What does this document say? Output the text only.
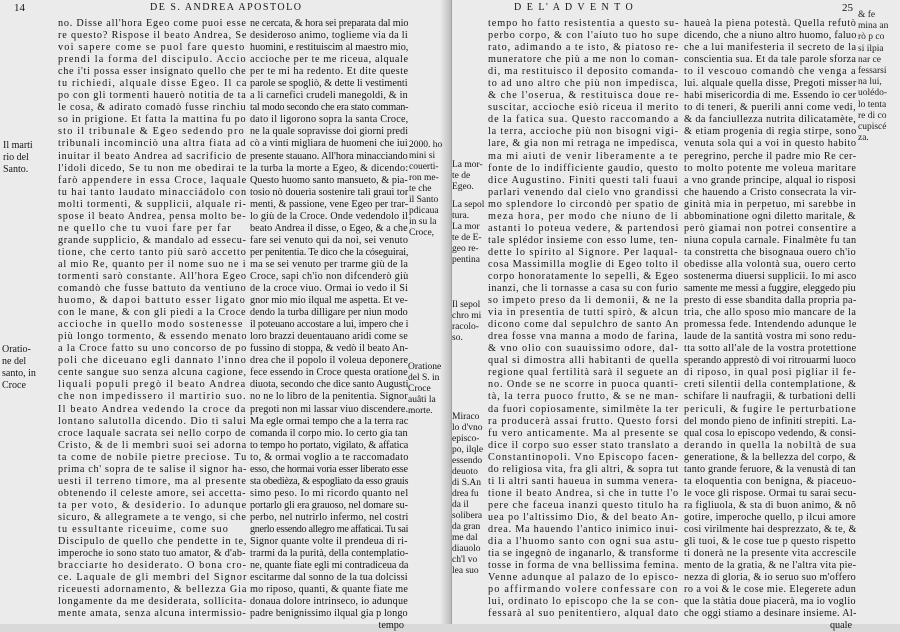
14	DE S. ANDREA APOSTOLO
no. Disse all'hora Egeo come puoi esse
re questo? Rispose il beato Andrea, Se
voi sapere come se puol fare questo
prendi la forma del discipulo. Accio
che i'ti possa esser insignato quello che
tu richiedi, alquale disse Egeo. Il ca
po con gli tormenti hauerò notitia de ta
le cosa, & adirato comadò fusse rinchiu
so in prigione. Et fatta la mattina fu po
sto il tribunale & Egeo sedendo pro
tribunali incominciò una altra fiata ad
inuitar il beato Andrea ad sacrificio de
l'idoli dicedo, Se tu non me obedirai te
farò appendere in essa Croce, laquale
tu hai tanto laudato minacciádolo con
molti tormenti, & supplicii, alquale ri-
spose il beato Andrea, pensa molto be-
ne quello che tu vuoi fare per far
grande supplicio, & mandalo ad essecu-
tione, che certo tanto più sarò accetto
al mio Re, quanto per il nome suo ne i
tormenti sarò constante. All'hora Egeo
comandò che fusse battuto da ventiuno
huomo, & dapoi battuto esser ligato
con le mane, & con gli piedi a la Croce
accioche in quello modo sostenesse
più longo tormento, & essendo menato
a la Croce fatto su uno concorso de po
poli che diceuano egli dannato l'inno
cente sangue suo senza alcuna cagione,
liquali populi pregò il beato Andrea
che non impedissero il martirio suo.
Il beato Andrea vedendo la croce da
lontano salutolla dicendo. Dio ti salui
croce laquale sacrata sei nello corpo de
Cristo, & de li membri suoi sei adorna
ta come de nobile pietre preciose. Tu
prima ch' sopra de te salise il signor ha-
uesti il terreno timore, ma al presente
obtenendo il celeste amore, sei accetta-
ta per voto, & desiderio. Io adunque
sicuro, & allegramete a te vengo, si che
tu essultante riceuime, come suo
Discipulo de quello che pendette in te,
imperoche io sono stato tuo amator, & d'ab-
bracciarte ho desiderato. O bona cro-
ce. Laquale de gli membri del Signor
riceuesti adornamento, & bellezza Gia
longamente da me desiderata, sollicita-
mente amata, senza alcuna intermissio-
ne cercata, & hora sei preparata dal mio
desideroso animo, toglieme via da li
huomini, e restituiscim al maestro mio,
accioche per te me riceua, alquale
per te mi ha redento. Et dite queste
parole se spogliò, & dette li vestimenti
a li carnefici crudeli manegoldi, & in
tal modo secondo che era stato comman-
dato il ligorono sopra la santa Croce,
ne la quale sopravisse doi giorni predi
cò a vinti migliara de huomeni che iui
presente stauano. All'hora minacciando
la turba la morte a Egeo, & dicendo:
Questo huomo santo mansueto, & pia-
tosio nò douerìa sostenire tali grauì tor
menti, & passione, vene Egeo per trar-
lo giù de la Croce. Onde vedendolo il
beato Andrea il disse, o Egeo, & a che
fare sei venuto qui da noi, sei venuto
per penitentia. Te dico che la cóseguirai,
ma se sei venuto per trarme giù de la
Croce, sapi ch'io non difcenderò giù
de la croce viuo. Ormai io vedo il Si
gnor mio mio ilqual me aspetta. Et ve-
dendo la turba dilligare per niun modo
il poteuano accostare a lui, impero che i
loro brazzi deuentauano aridi come se
fussino di stoppa, & vedò il beato An-
drea che il popolo il voleua deponere
fece essendo in Croce questa oratione
diuota, secondo che dice santo Augusti
no ne lo libro de la penitentia. Signor
pregoti non mi lassar viuo discendere.
Ma egle ormai tempo che a la terra rac
comanda il corpo mio. Io certo gia tan
to tempo ho portato, vigilato, & affatica
to, & ormai voglio a te raccomadato
esso, che hormai voria esser liberato esse
sta obedièza, & espogliato da esso grauis
simo peso. Io mi ricordo quanto nel
portarlo gli era grauoso, nel domare su-
perbo, nel nutrirlo infermo, nel costri
gnerlo essendo allegro me affaticai. Tu sai
Signor quante volte il prendeua di ri-
trarmi da la purità, della contemplatio-
ne, quante fiate egli mi contradiceua da
escitarme dal sonno de la tua dolcissi
mo riposo, quanti, & quante fiate me
donaua dolore intrinseco, io adunque
padre benignissimo ilqual gia p longo
tempo
Il marti
rio del
Santo.
Oratio-
ne del
santo, in
Croce
D E L' A D V E N T O	25
tempo ho fatto resistentia a questo su-
perbo corpo, & con l'aiuto tuo ho supe
rato, adimando a te isto, & piatoso re-
muneratore che più a me non lo coman-
di, ma restituisco il deposito comanda-
to ad uno altro che più non impedisca,
& che l'oserua, & restituisca doue re-
suscitar, accioche esiò riceua il merito
de la fatica sua. Questo raccomando a
la terra, accioche più non bisogni vigi-
lare, & gia non mi retraga ne impedisca,
ma mi aiuti de venir liberamente a te
fonte de lo indifficiente gaudio, questo
dice Augustino. Finiti questi tali fuaui
parlari venendo dal cielo vno grandissi
mo splendore lo circondò per spatio de
meza hora, per modo che niuno de li
astanti lo poteua vedere, & partendosi
tale splédor insieme con esso lume, ten-
dette lo spirito al Signore. Per laqual-
cosa Massimilla moglie di Egeo tolto il
corpo honoratamente lo sepelli, & Egeo
inanzi, che li tornasse a casa su con furio
so impeto preso da li demonii, & ne la
via in presentia de tutti spirò, & alcun
dicono come dal sepulchro de santo An
drea fosse vna manna a modo de farina,
& vno olio con suauissimo odore, dal-
qual si dimostra alli habitanti de quella
regione qual fertilità sarà il seguete an
no. Onde se ne scorre in puoca quanti-
tà, la terra puoco frutto, & se ne man-
da fuori copiosamente, similmète la ter
ra producerà assai frutto. Questo forsi
fu vero anticamente. Ma al presente se
dice il corpo suo esser stato translato a
Constantinopoli. Vno Episcopo facen-
do religiosa vita, fra gli altri, & sopra tut
ti li altri santi haueua in summa venera-
tione il beato Andrea, sì che in tutte l'o
pere che faceua inanzi questo titulo ha
uea po l'altissimo Dio, & del beato An-
drea. Ma hauendo l'antico inimico inui-
dia a l'huomo santo con ogni sua astu-
tia se ingegnò de inganarlo, & transforme
tosse in forma de vna bellissima femina.
Venne adunque al palazo de lo episco-
po affirmando volere confessare con
lui, ordinato lo episcopo che la se con-
fessarà al suo penitentiero, alqual dato
haueà la piena potestà. Quella refutò
dicendo, che a niuno altro huomo, faluo
che a lui manifesteria il secreto de la
conscientia sua. Et da tale parole sforza
to il vescouo comandò che venga a
lui. alquale quella disse, Pregoti misser
habi misericordia di me. Essendo io cer
to di teneri, & puerili anni come vedi,
& da fanciullezza nutrita dilicatamète,
& etiam progenia di regia stirpe, sono
venuta sola qui a voi in questo habito
peregrino, perche il padre mio Re cer-
to molto potente me voleua maritare
a vno grande principe, alqual io risposi
che hauendo a Cristo consecrata la vir-
ginità mia in perpetuo, mi sarebbe in
abbominatione ogni diletto maritale, &
però giamai non potrei consentire a
niuna copula carnale. Finalmète fu tan
ta constretta che bisognaua ouero ch'io
obedisse alla volontà sua, ouero certo
sostenerma diuersi supplicii. Io mi asco
samente me messi a fuggire, eleggedo piu
presto di esse sbandita dalla propria pa-
tria, che allo sposo mio mancare de la
promessa fede. Intendendo adunque le
laude de la santità vostra mi sono redu-
tta sotto all'ale de la vostra protettione
sperando apprestò di voi ritrouarmi luoco
di riposo, in qual posi pigliar il fe-
creti silentii della contemplatione, &
schifare li naufragii, & turbationi delli
periculi, & fugire le perturbatione
del mondo pieno de infiniti strepiti. La-
qual cosa lo episcopo vedendo, & consi-
derando in quella la nobiltà de sua
generatione, & la bellezza del corpo, &
tanto grande feruore, & la venustà di tan
ta eloquentia con benigna, & piaceuo-
le voce gli rispose. Ormai tu sarai secu-
ra figliuola, & sta di buon animo, & nõ
gotire, imperoche quello, p ilcui amore
cosi virilmente hai desprezzato, & te, &
gli tuoi, & le cose tue p questo rispetto
ti donerà ne la presente vita accrescile
mento de la gratia, & ne l'altra vita pie-
nezza di gloria, & io seruo suo m'offero
ro a voi & le cose mie. Elegerete adun
que la stàtia doue piacerà, ma io voglio
che oggi stiamo a desinare insieme. Al-
quale
La mor-
te de
Egeo.
La sepol
tura.
La mor
te de E-
geo re-
pentina
Il sepol
chro mi
racolo-
so.
Miraco
lo d'vno
episco-
po, ilqle
essendo
deuoto
di S.An
drea fu
da il
solibera
da gran
me dal
diauolo
ch'l vo
lea suo
2000. ho
mini si
couerti-
ron me-
te che
il Santo
pdicaua
in su la
Croce,
Oratione
del S. in
Croce
auâti la
morte.
& fe
mina an
rò p co
si ilpia
nar ce
fessarsi
na lui,
uolédo-
lo tenta
re di co
cupiscé
za.
